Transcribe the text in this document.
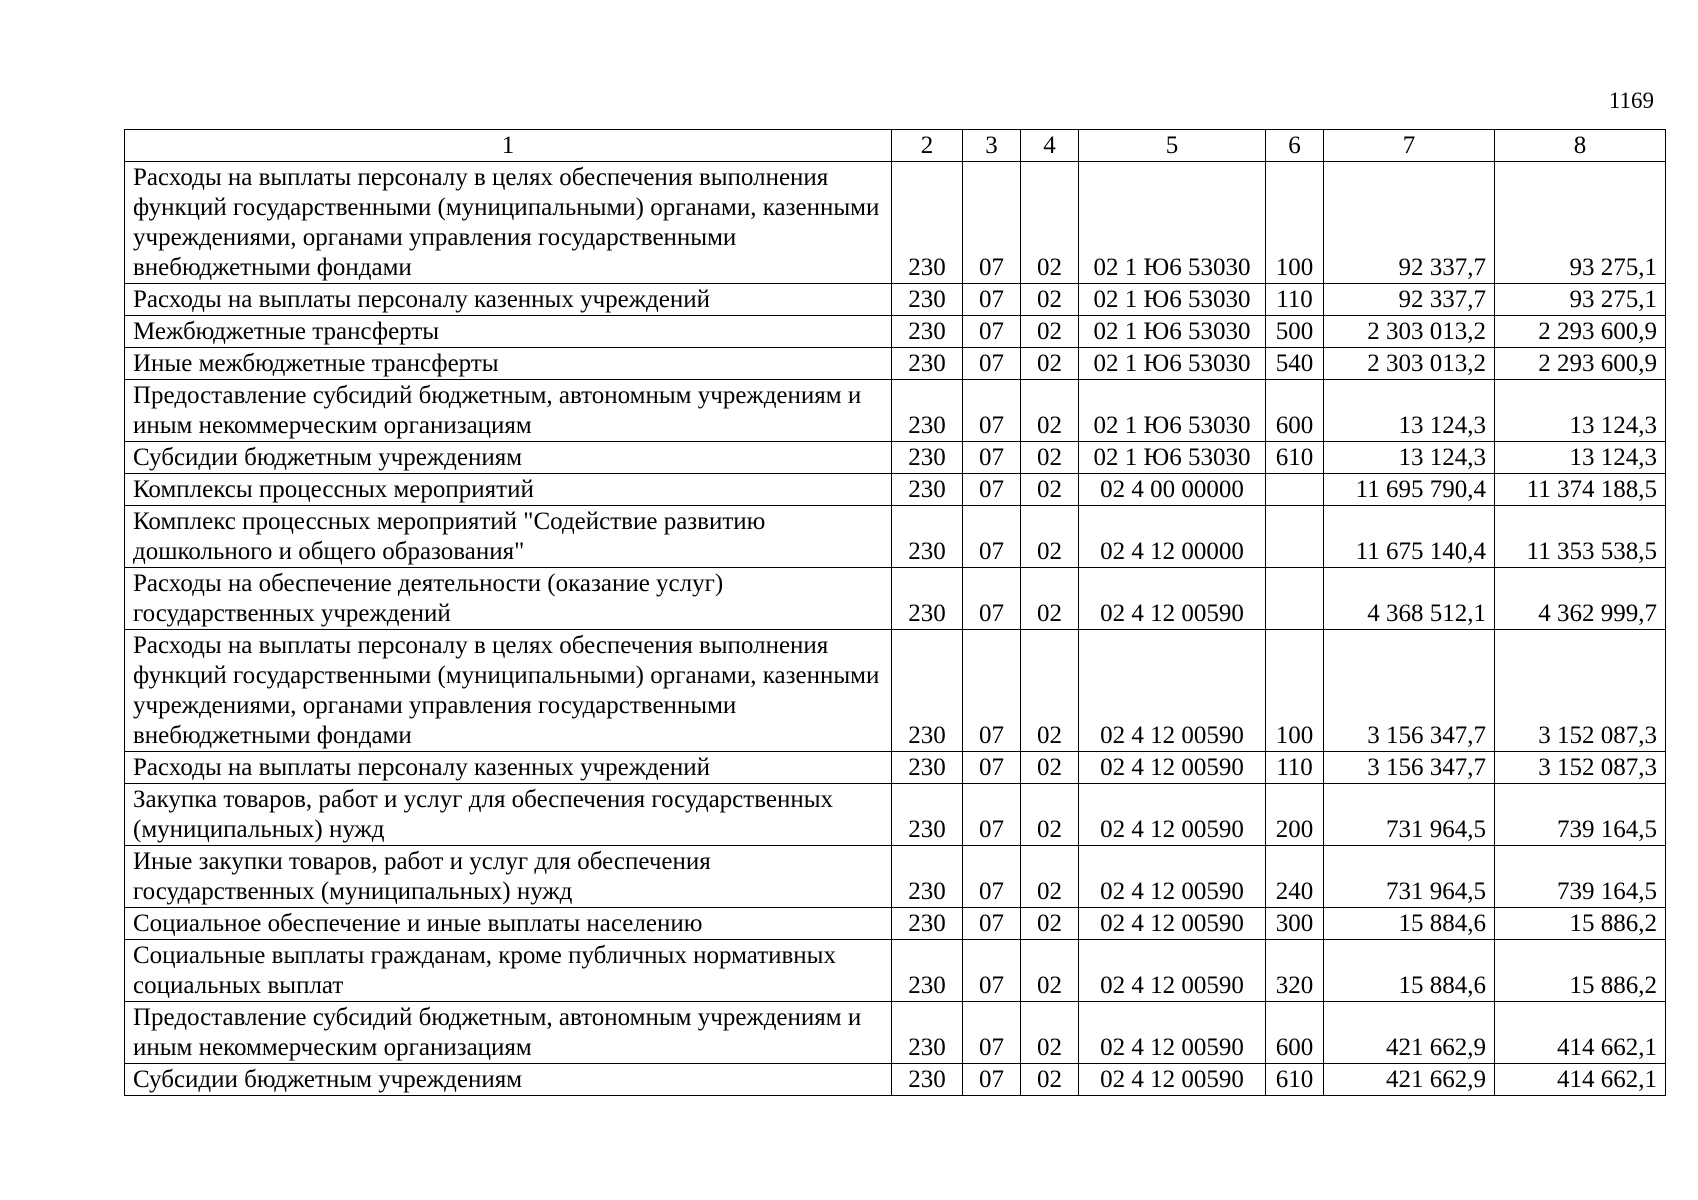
1169
1	2	3	4	5	6	7	8
Расходы на выплаты персоналу в целях обеспечения выполнения функций государственными (муниципальными) органами, казенными учреждениями, органами управления государственными внебюджетными фондами	230	07	02	02 1 Ю6 53030	100	92 337,7	93 275,1
Расходы на выплаты персоналу казенных учреждений	230	07	02	02 1 Ю6 53030	110	92 337,7	93 275,1
Межбюджетные трансферты	230	07	02	02 1 Ю6 53030	500	2 303 013,2	2 293 600,9
Иные межбюджетные трансферты	230	07	02	02 1 Ю6 53030	540	2 303 013,2	2 293 600,9
Предоставление субсидий бюджетным, автономным учреждениям и иным некоммерческим организациям	230	07	02	02 1 Ю6 53030	600	13 124,3	13 124,3
Субсидии бюджетным учреждениям	230	07	02	02 1 Ю6 53030	610	13 124,3	13 124,3
Комплексы процессных мероприятий	230	07	02	02 4 00 00000		11 695 790,4	11 374 188,5
Комплекс процессных мероприятий "Содействие развитию дошкольного и общего образования"	230	07	02	02 4 12 00000		11 675 140,4	11 353 538,5
Расходы на обеспечение деятельности (оказание услуг) государственных учреждений	230	07	02	02 4 12 00590		4 368 512,1	4 362 999,7
Расходы на выплаты персоналу в целях обеспечения выполнения функций государственными (муниципальными) органами, казенными учреждениями, органами управления государственными внебюджетными фондами	230	07	02	02 4 12 00590	100	3 156 347,7	3 152 087,3
Расходы на выплаты персоналу казенных учреждений	230	07	02	02 4 12 00590	110	3 156 347,7	3 152 087,3
Закупка товаров, работ и услуг для обеспечения государственных (муниципальных) нужд	230	07	02	02 4 12 00590	200	731 964,5	739 164,5
Иные закупки товаров, работ и услуг для обеспечения государственных (муниципальных) нужд	230	07	02	02 4 12 00590	240	731 964,5	739 164,5
Социальное обеспечение и иные выплаты населению	230	07	02	02 4 12 00590	300	15 884,6	15 886,2
Социальные выплаты гражданам, кроме публичных нормативных социальных выплат	230	07	02	02 4 12 00590	320	15 884,6	15 886,2
Предоставление субсидий бюджетным, автономным учреждениям и иным некоммерческим организациям	230	07	02	02 4 12 00590	600	421 662,9	414 662,1
Субсидии бюджетным учреждениям	230	07	02	02 4 12 00590	610	421 662,9	414 662,1
